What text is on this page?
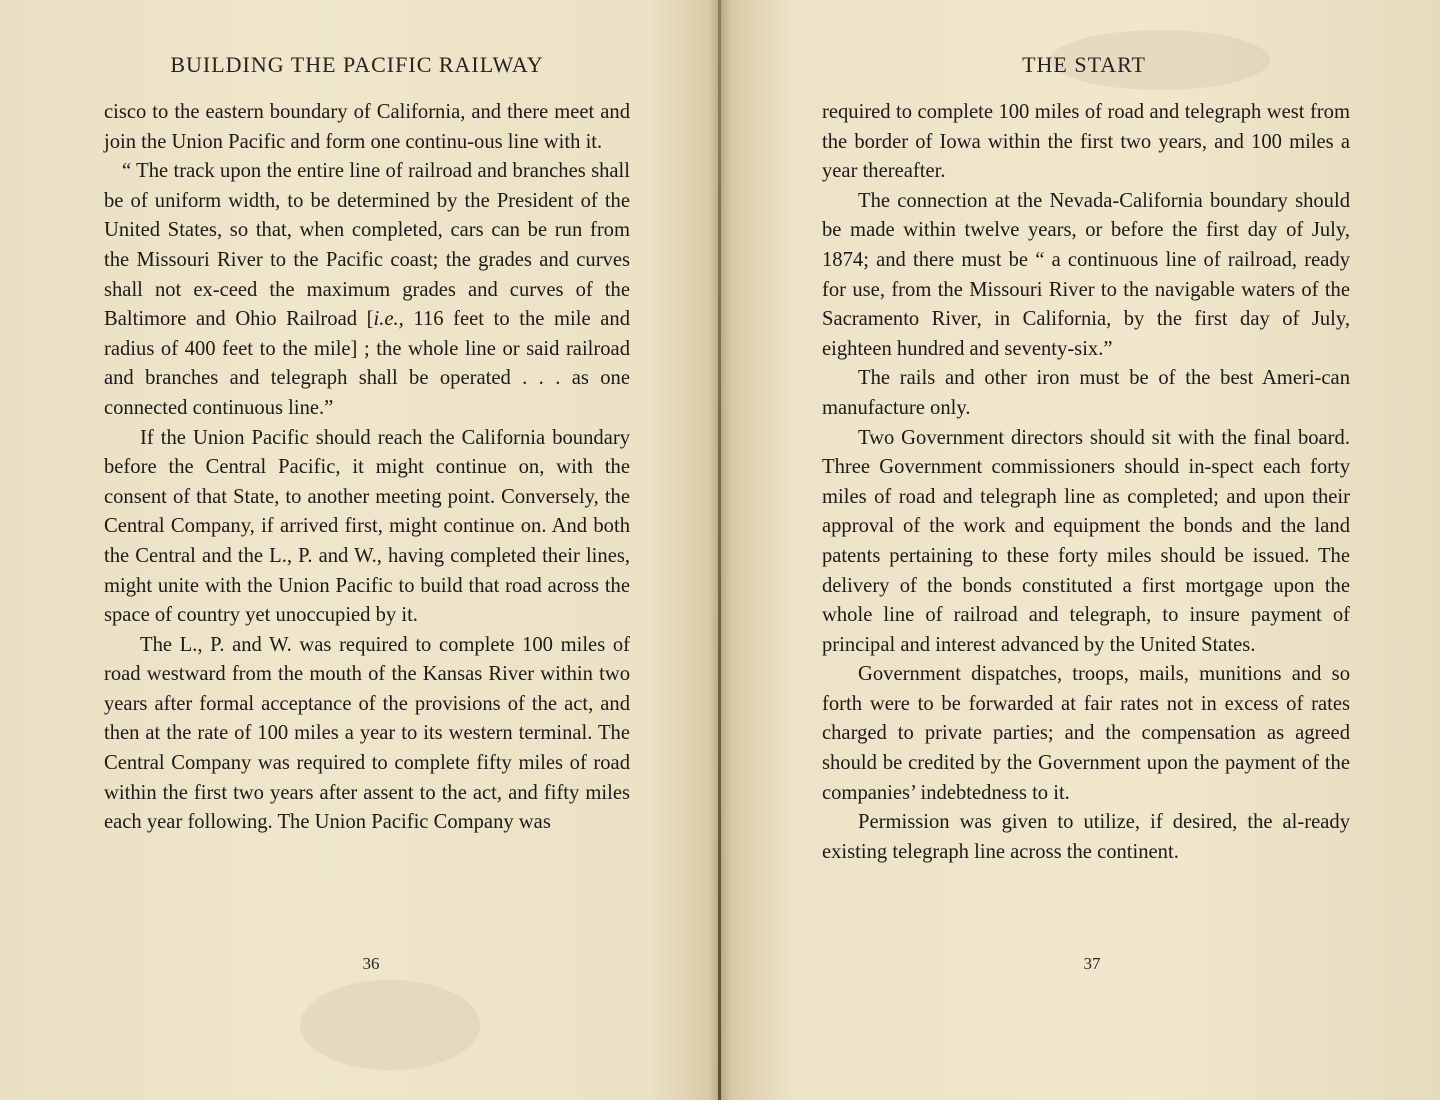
BUILDING THE PACIFIC RAILWAY

cisco to the eastern boundary of California, and there meet and join the Union Pacific and form one continu-ous line with it.

“ The track upon the entire line of railroad and branches shall be of uniform width, to be determined by the President of the United States, so that, when completed, cars can be run from the Missouri River to the Pacific coast; the grades and curves shall not ex-ceed the maximum grades and curves of the Baltimore and Ohio Railroad [i.e., 116 feet to the mile and radius of 400 feet to the mile] ; the whole line or said railroad and branches and telegraph shall be operated . . . as one connected continuous line.”

If the Union Pacific should reach the California boundary before the Central Pacific, it might continue on, with the consent of that State, to another meeting point. Conversely, the Central Company, if arrived first, might continue on. And both the Central and the L., P. and W., having completed their lines, might unite with the Union Pacific to build that road across the space of country yet unoccupied by it.

The L., P. and W. was required to complete 100 miles of road westward from the mouth of the Kansas River within two years after formal acceptance of the provisions of the act, and then at the rate of 100 miles a year to its western terminal. The Central Company was required to complete fifty miles of road within the first two years after assent to the act, and fifty miles each year following. The Union Pacific Company was

36
THE START

required to complete 100 miles of road and telegraph west from the border of Iowa within the first two years, and 100 miles a year thereafter.

The connection at the Nevada-California boundary should be made within twelve years, or before the first day of July, 1874; and there must be “ a continuous line of railroad, ready for use, from the Missouri River to the navigable waters of the Sacramento River, in California, by the first day of July, eighteen hundred and seventy-six.”

The rails and other iron must be of the best Ameri-can manufacture only.

Two Government directors should sit with the final board. Three Government commissioners should in-spect each forty miles of road and telegraph line as completed; and upon their approval of the work and equipment the bonds and the land patents pertaining to these forty miles should be issued. The delivery of the bonds constituted a first mortgage upon the whole line of railroad and telegraph, to insure payment of principal and interest advanced by the United States.

Government dispatches, troops, mails, munitions and so forth were to be forwarded at fair rates not in excess of rates charged to private parties; and the compensation as agreed should be credited by the Government upon the payment of the companies’ indebtedness to it.

Permission was given to utilize, if desired, the al-ready existing telegraph line across the continent.

37
